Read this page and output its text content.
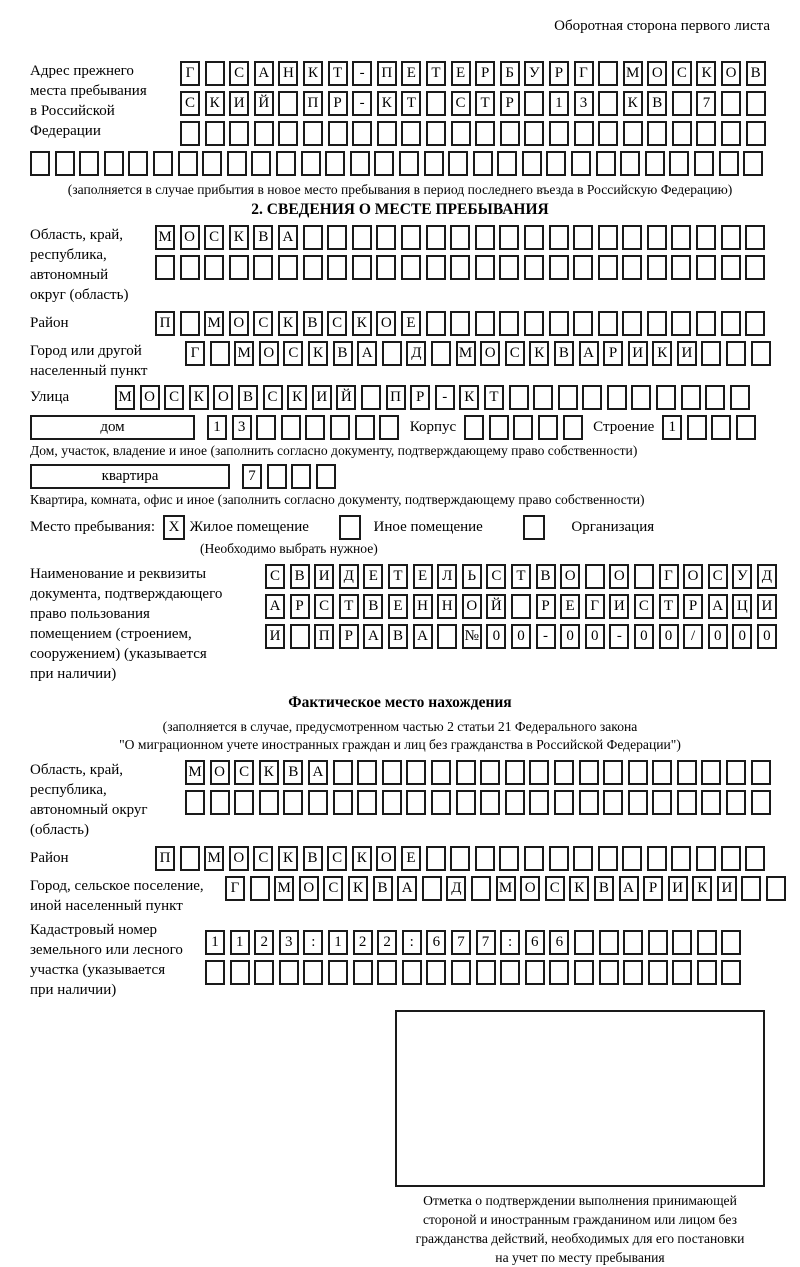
Оборотная сторона первого листа
Адрес прежнего
места пребывания
в Российской
Федерации
Г	С А Н К	Т	-	П Е	Т	Е	Р	Б У	Р	Г	М О С К О В
С К И Й	П	Р	-	К	Т	С	Т	Р	1	3	К В	7
(заполняется в случае прибытия в новое место пребывания в период последнего въезда в Российскую Федерацию)
2. СВЕДЕНИЯ О МЕСТЕ ПРЕБЫВАНИЯ
Область, край,
республика,
автономный
округ (область)
М О С К В А
Район	П	М О С К В С К О Е
Город или другой
населенный пункт
Г	М О С К В А	Д	М О С К В А	Р	И К И
Улица	М О С К О В С К И Й	П	Р	-	К	Т
дом	1	3	Корпус	Строение 1
Дом, участок, владение и иное (заполнить согласно документу, подтверждающему право собственности)
квартира	7
Квартира, комната, офис и иное (заполнить согласно документу, подтверждающему право собственности)
Место пребывания: X Жилое помещение	Иное помещение	Организация
(Необходимо выбрать нужное)
Наименование и реквизиты
документа, подтверждающего
право пользования
помещением (строением,
сооружением) (указывается
при наличии)
С В И Д Е	Т	Е Л	Ь	С	Т	В О	О	Г О С У Д
А	Р	С	Т	В	Е Н Н О Й	Р	Е	Г И С	Т	Р	А Ц И
И	П	Р	А В А	№ 0	0	-	0	0	-	0	0	/	0	0	0
Фактическое место нахождения
(заполняется в случае, предусмотренном частью 2 статьи 21 Федерального закона
"О миграционном учете иностранных граждан и лиц без гражданства в Российской Федерации")
Область, край,
республика,
автономный округ
(область)
М О С К В А
Район	П	М О С К В С К О Е
Город, сельское поселение,
иной населенный пункт
Г	М О С К В А	Д	М О С К В А	Р	И К И
Кадастровый номер
земельного или лесного
участка (указывается
при наличии)
1	1	2	3	:	1	2	2	:	6	7	7	:	6	6
Отметка о подтверждении выполнения принимающей
стороной и иностранным гражданином или лицом без
гражданства действий, необходимых для его постановки
на учет по месту пребывания
